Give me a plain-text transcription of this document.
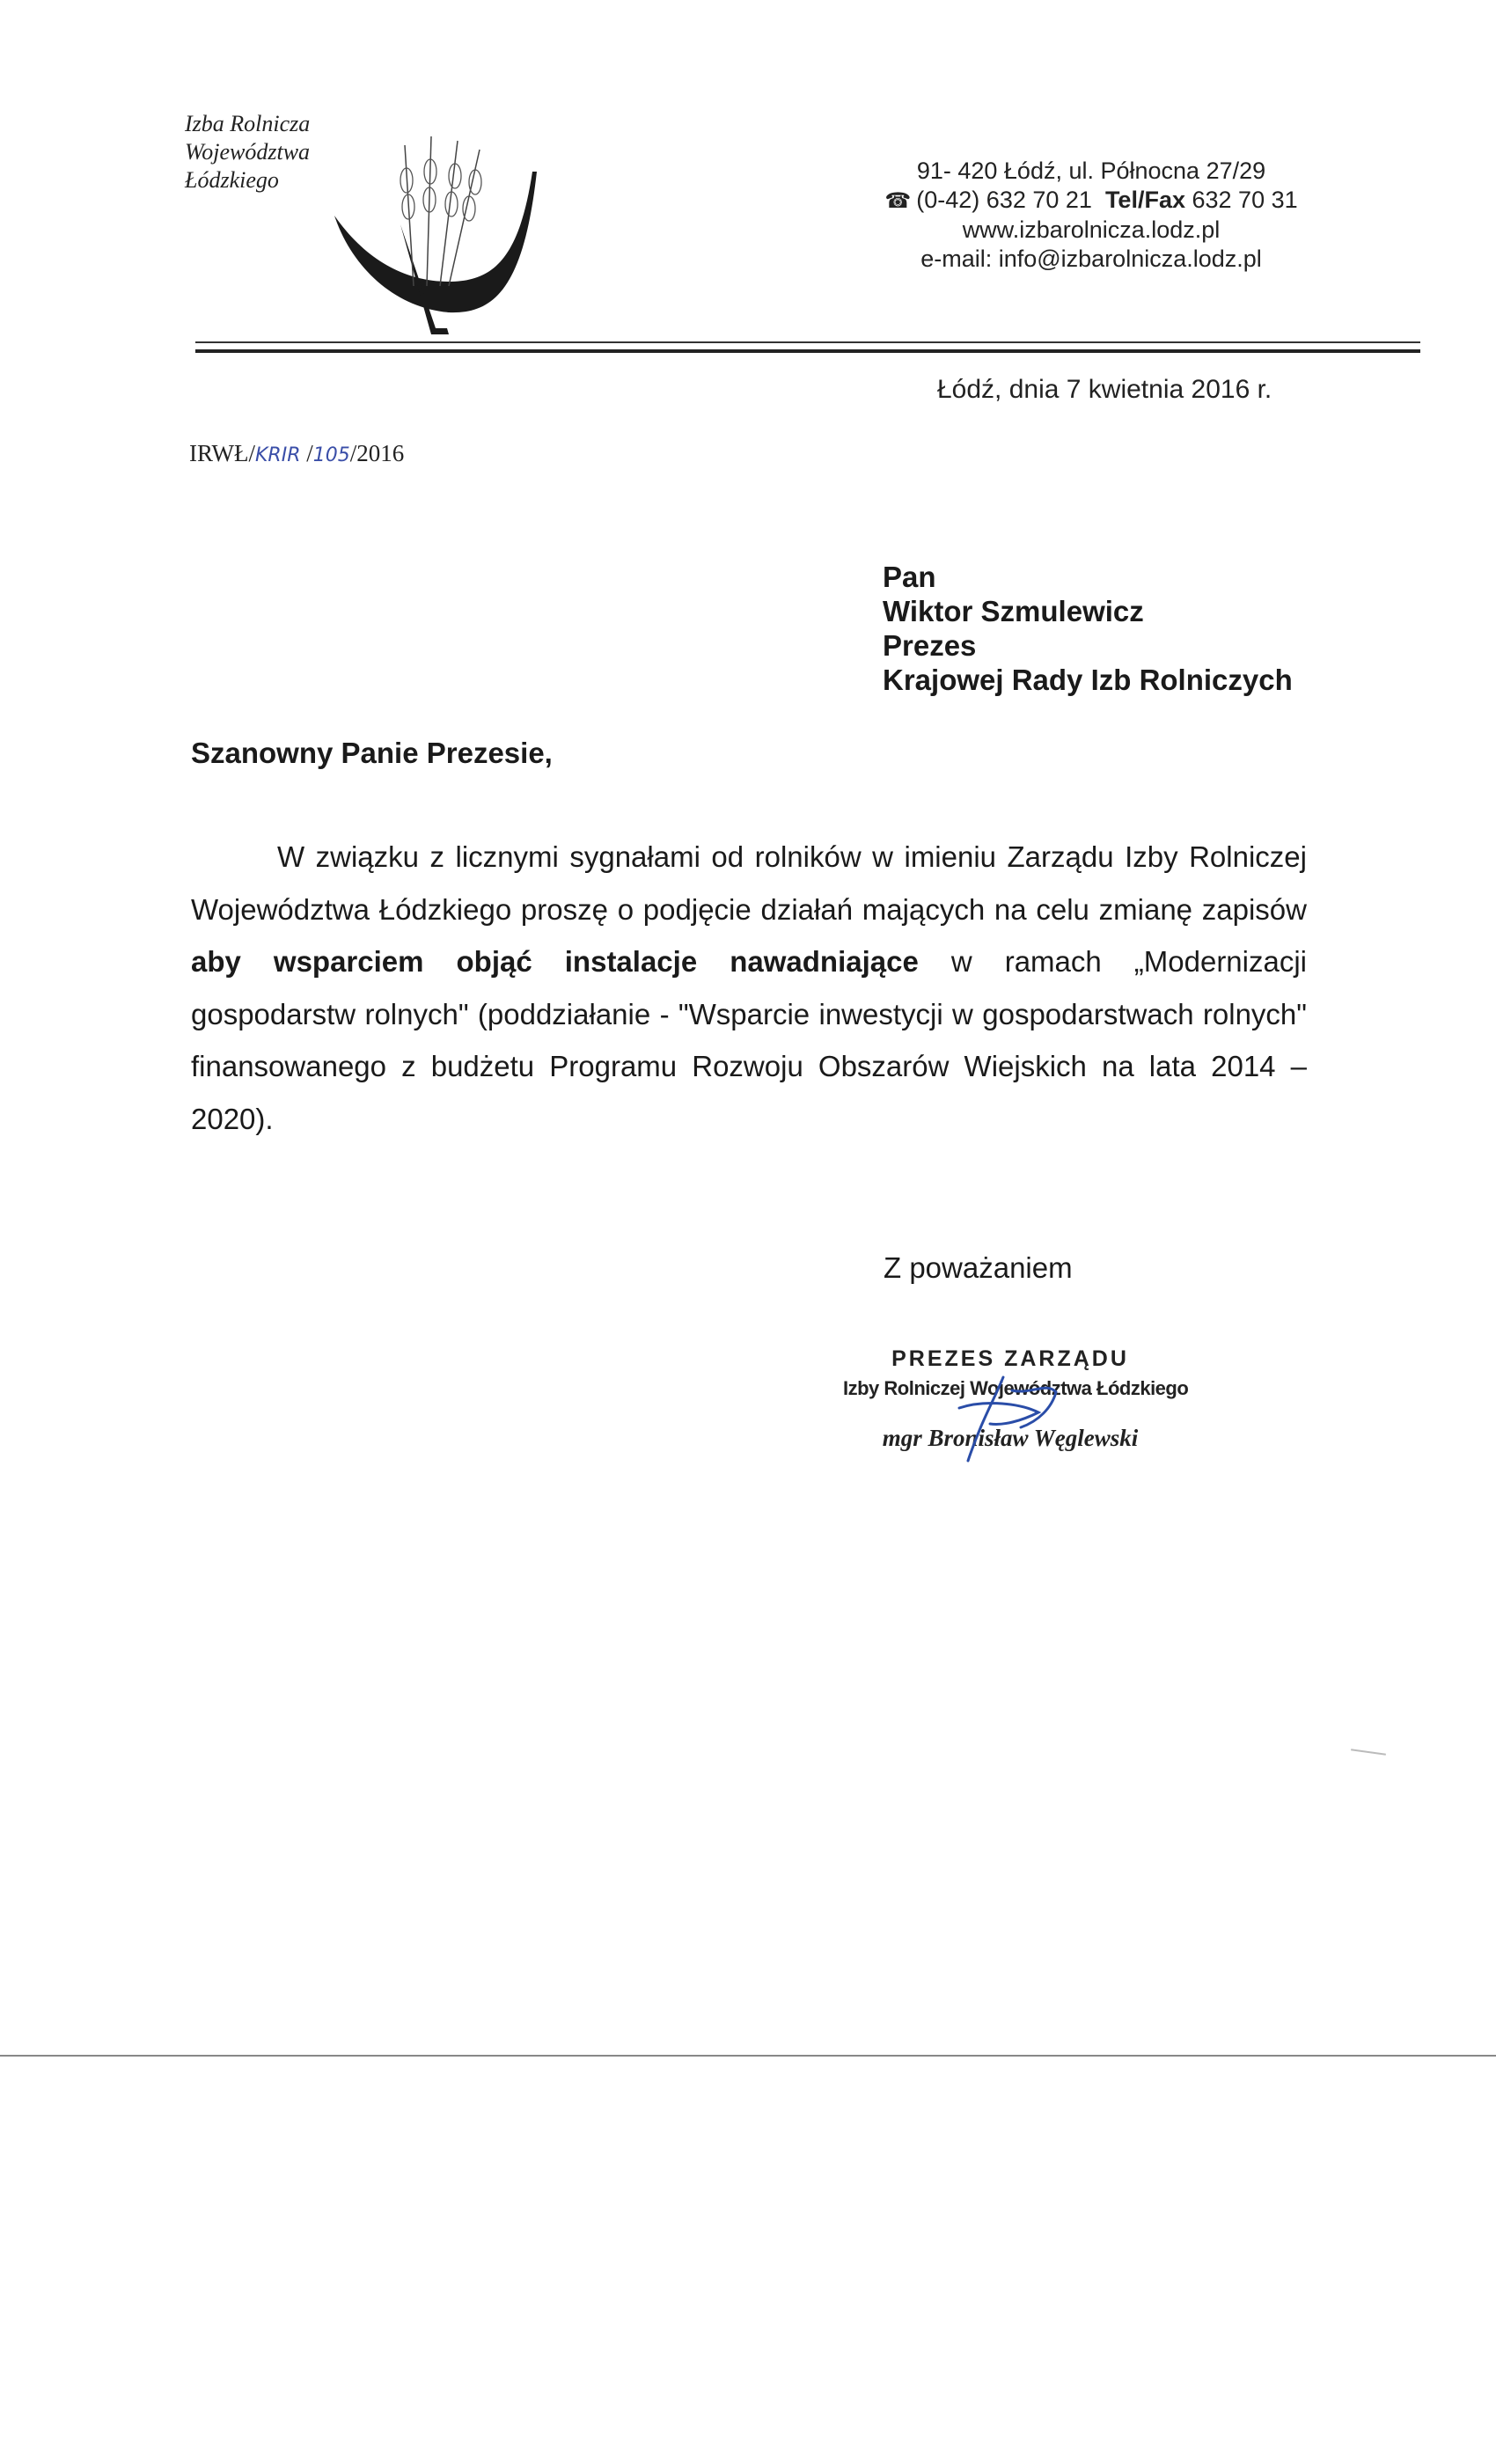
Izba Rolnicza
Województwa
Łódzkiego	91- 420 Łódź, ul. Północna 27/29
☎ (0-42) 632 70 21 Tel/Fax 632 70 31
www.izbarolnicza.lodz.pl
e-mail: info@izbarolnicza.lodz.pl
Łódź, dnia 7 kwietnia 2016 r.
IRWŁ/KRIR /105/2016
Pan
Wiktor Szmulewicz
Prezes
Krajowej Rady Izb Rolniczych
Szanowny Panie Prezesie,

W związku z licznymi sygnałami od rolników w imieniu Zarządu Izby Rolniczej Województwa Łódzkiego proszę o podjęcie działań mających na celu zmianę zapisów aby wsparciem objąć instalacje nawadniające w ramach „Modernizacji gospodarstw rolnych" (poddziałanie - "Wsparcie inwestycji w gospodarstwach rolnych" finansowanego z budżetu Programu Rozwoju Obszarów Wiejskich na lata 2014 – 2020).

Z poważaniem
PREZES ZARZĄDU
Izby Rolniczej Województwa Łódzkiego
mgr Bronisław Węglewski
